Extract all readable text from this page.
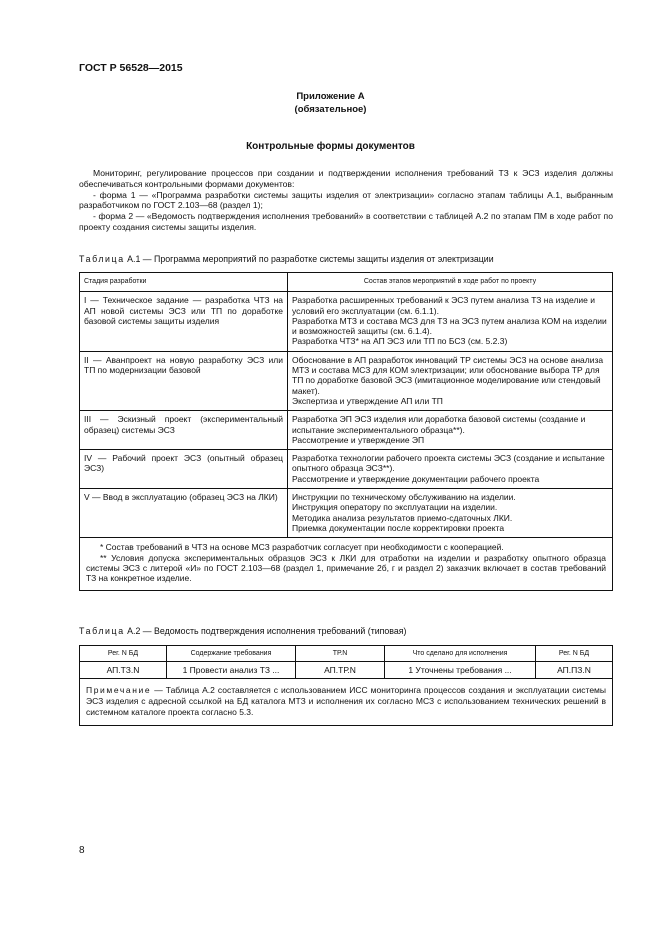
ГОСТ Р 56528—2015
Приложение А
(обязательное)
Контрольные формы документов

Мониторинг, регулирование процессов при создании и подтверждении исполнения требований ТЗ к ЭСЗ изделия должны обеспечиваться контрольными формами документов:

- форма 1 — «Программа разработки системы защиты изделия от электризации» согласно этапам таблицы А.1, выбранным разработчиком по ГОСТ 2.103—68 (раздел 1);

- форма 2 — «Ведомость подтверждения исполнения требований» в соответствии с таблицей А.2 по этапам ПМ в ходе работ по проекту создания системы защиты изделия.

Таблица А.1 — Программа мероприятий по разработке системы защиты изделия от электризации
Стадия разработки	Состав этапов мероприятий в ходе работ по проекту
I — Техническое задание — разработка ЧТЗ на АП новой системы ЭСЗ или ТП по доработке базовой системы защиты изделия	Разработка расширенных требований к ЭСЗ путем анализа ТЗ на изделие и условий его эксплуатации (см. 6.1.1).
Разработка МТЗ и состава МСЗ для ТЗ на ЭСЗ путем анализа КОМ на изделии и возможностей защиты (см. 6.1.4).
Разработка ЧТЗ* на АП ЭСЗ или ТП по БСЗ (см. 5.2.3)

II — Аванпроект на новую разработку ЭСЗ или ТП по модернизации базовой	Обоснование в АП разработок инноваций ТР системы ЭСЗ на основе анализа МТЗ и состава МСЗ для КОМ электризации; или обоснование выбора ТР для ТП по доработке базовой ЭСЗ (имитационное моделирование или стендовый макет).
Экспертиза и утверждение АП или ТП

III — Эскизный проект (экспериментальный образец) системы ЭСЗ	Разработка ЭП ЭСЗ изделия или доработка базовой системы (создание и испытание экспериментального образца**).
Рассмотрение и утверждение ЭП

IV — Рабочий проект ЭСЗ (опытный образец ЭСЗ)	Разработка технологии рабочего проекта системы ЭСЗ (создание и испытание опытного образца ЭСЗ**).
Рассмотрение и утверждение документации рабочего проекта

V — Ввод в эксплуатацию (образец ЭСЗ на ЛКИ)	Инструкции по техническому обслуживанию на изделии.
Инструкция оператору по эксплуатации на изделии.
Методика анализа результатов приемо-сдаточных ЛКИ.
Приемка документации после корректировки проекта

* Состав требований в ЧТЗ на основе МСЗ разработчик согласует при необходимости с кооперацией.

** Условия допуска экспериментальных образцов ЭСЗ к ЛКИ для отработки на изделии и разработку опытного образца системы ЭСЗ с литерой «И» по ГОСТ 2.103—68 (раздел 1, примечание 2б, г и раздел 2) заказчик включает в состав требований ТЗ на конкретное изделие.	

Таблица А.2 — Ведомость подтверждения исполнения требований (типовая)
Рег. N БД	Содержание требования	ТР.N	Что сделано для исполнения	Рег. N БД
АП.ТЗ.N	1 Провести анализ ТЗ ...	АП.ТР.N	1 Уточнены требования ...	АП.ПЗ.N
Примечание — Таблица А.2 составляется с использованием ИСС мониторинга процессов создания и эксплуатации системы ЭСЗ изделия с адресной ссылкой на БД каталога МТЗ и исполнения их согласно МСЗ с использованием технических решений в системном каталоге проекта согласно 5.3.				
8
